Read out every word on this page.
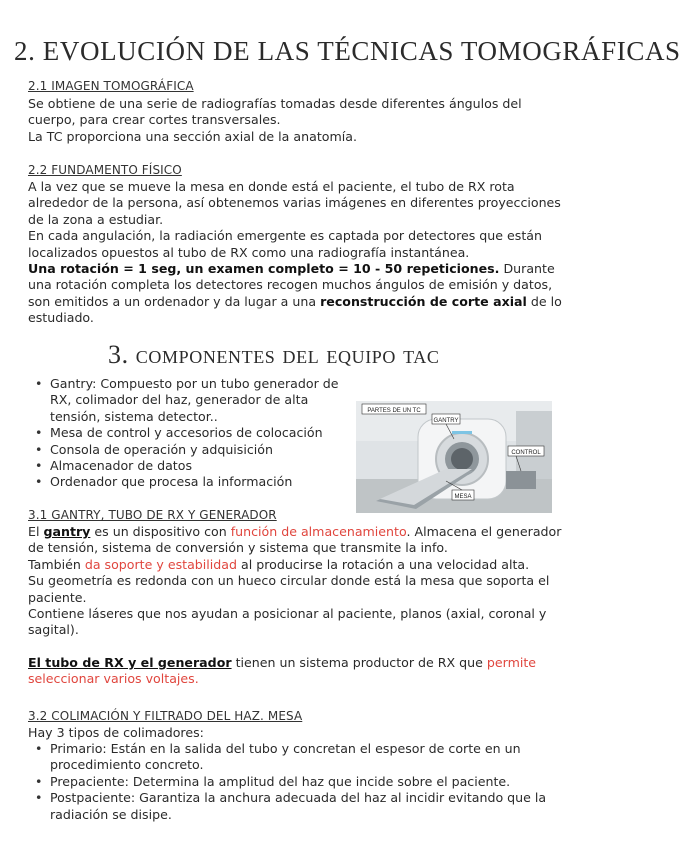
2. EVOLUCIÓN DE LAS TÉCNICAS TOMOGRÁFICAS
2.1 IMAGEN TOMOGRÁFICA

Se obtiene de una serie de radiografías tomadas desde diferentes ángulos del

cuerpo, para crear cortes transversales.

La TC proporciona una sección axial de la anatomía.

2.2 FUNDAMENTO FÍSICO

A la vez que se mueve la mesa en donde está el paciente, el tubo de RX rota alrededor de la persona, así obtenemos varias imágenes en diferentes proyecciones de la zona a estudiar.

En cada angulación, la radiación emergente es captada por detectores que están localizados opuestos al tubo de RX como una radiografía instantánea.

Una rotación = 1 seg, un examen completo = 10 - 50 repeticiones. Durante una rotación completa los detectores recogen muchos ángulos de emisión y datos, son emitidos a un ordenador y da lugar a una reconstrucción de corte axial de lo estudiado.

3. componentes del equipo tac
• Gantry: Compuesto por un tubo generador de RX, colimador del haz, generador de alta tensión, sistema detector..
• Mesa de control y accesorios de colocación
• Consola de operación y adquisición
• Almacenador de datos
• Ordenador que procesa la información
PARTES DE UN TC
GANTRY
CONTROL
MESA
3.1 GANTRY, TUBO DE RX Y GENERADOR

El gantry es un dispositivo con función de almacenamiento. Almacena el generador de tensión, sistema de conversión y sistema que transmite la info.

También da soporte y estabilidad al producirse la rotación a una velocidad alta.

Su geometría es redonda con un hueco circular donde está la mesa que soporta el paciente.

Contiene láseres que nos ayudan a posicionar al paciente, planos (axial, coronal y sagital).

El tubo de RX y el generador tienen un sistema productor de RX que permite seleccionar varios voltajes.

3.2 COLIMACIÓN Y FILTRADO DEL HAZ. MESA
Hay 3 tipos de colimadores:
• Primario: Están en la salida del tubo y concretan el espesor de corte en un procedimiento concreto.
• Prepaciente: Determina la amplitud del haz que incide sobre el paciente.
• Postpaciente: Garantiza la anchura adecuada del haz al incidir evitando que la radiación se disipe.
